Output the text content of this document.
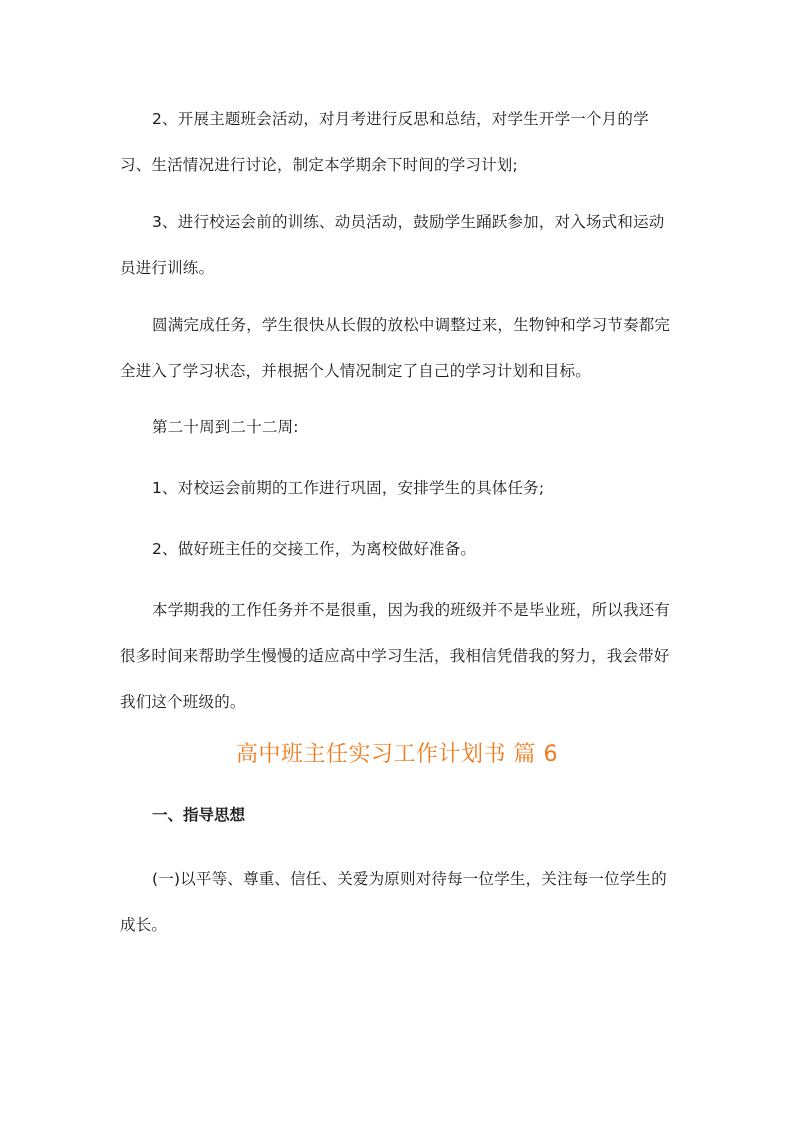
2、开展主题班会活动，对月考进行反思和总结，对学生开学一个月的学习、生活情况进行讨论，制定本学期余下时间的学习计划;

3、进行校运会前的训练、动员活动，鼓励学生踊跃参加，对入场式和运动员进行训练。

圆满完成任务，学生很快从长假的放松中调整过来，生物钟和学习节奏都完全进入了学习状态，并根据个人情况制定了自己的学习计划和目标。

第二十周到二十二周:

1、对校运会前期的工作进行巩固，安排学生的具体任务;

2、做好班主任的交接工作，为离校做好准备。

本学期我的工作任务并不是很重，因为我的班级并不是毕业班，所以我还有很多时间来帮助学生慢慢的适应高中学习生活，我相信凭借我的努力，我会带好我们这个班级的。

高中班主任实习工作计划书 篇 6
一、指导思想

(一)以平等、尊重、信任、关爱为原则对待每一位学生，关注每一位学生的成长。
